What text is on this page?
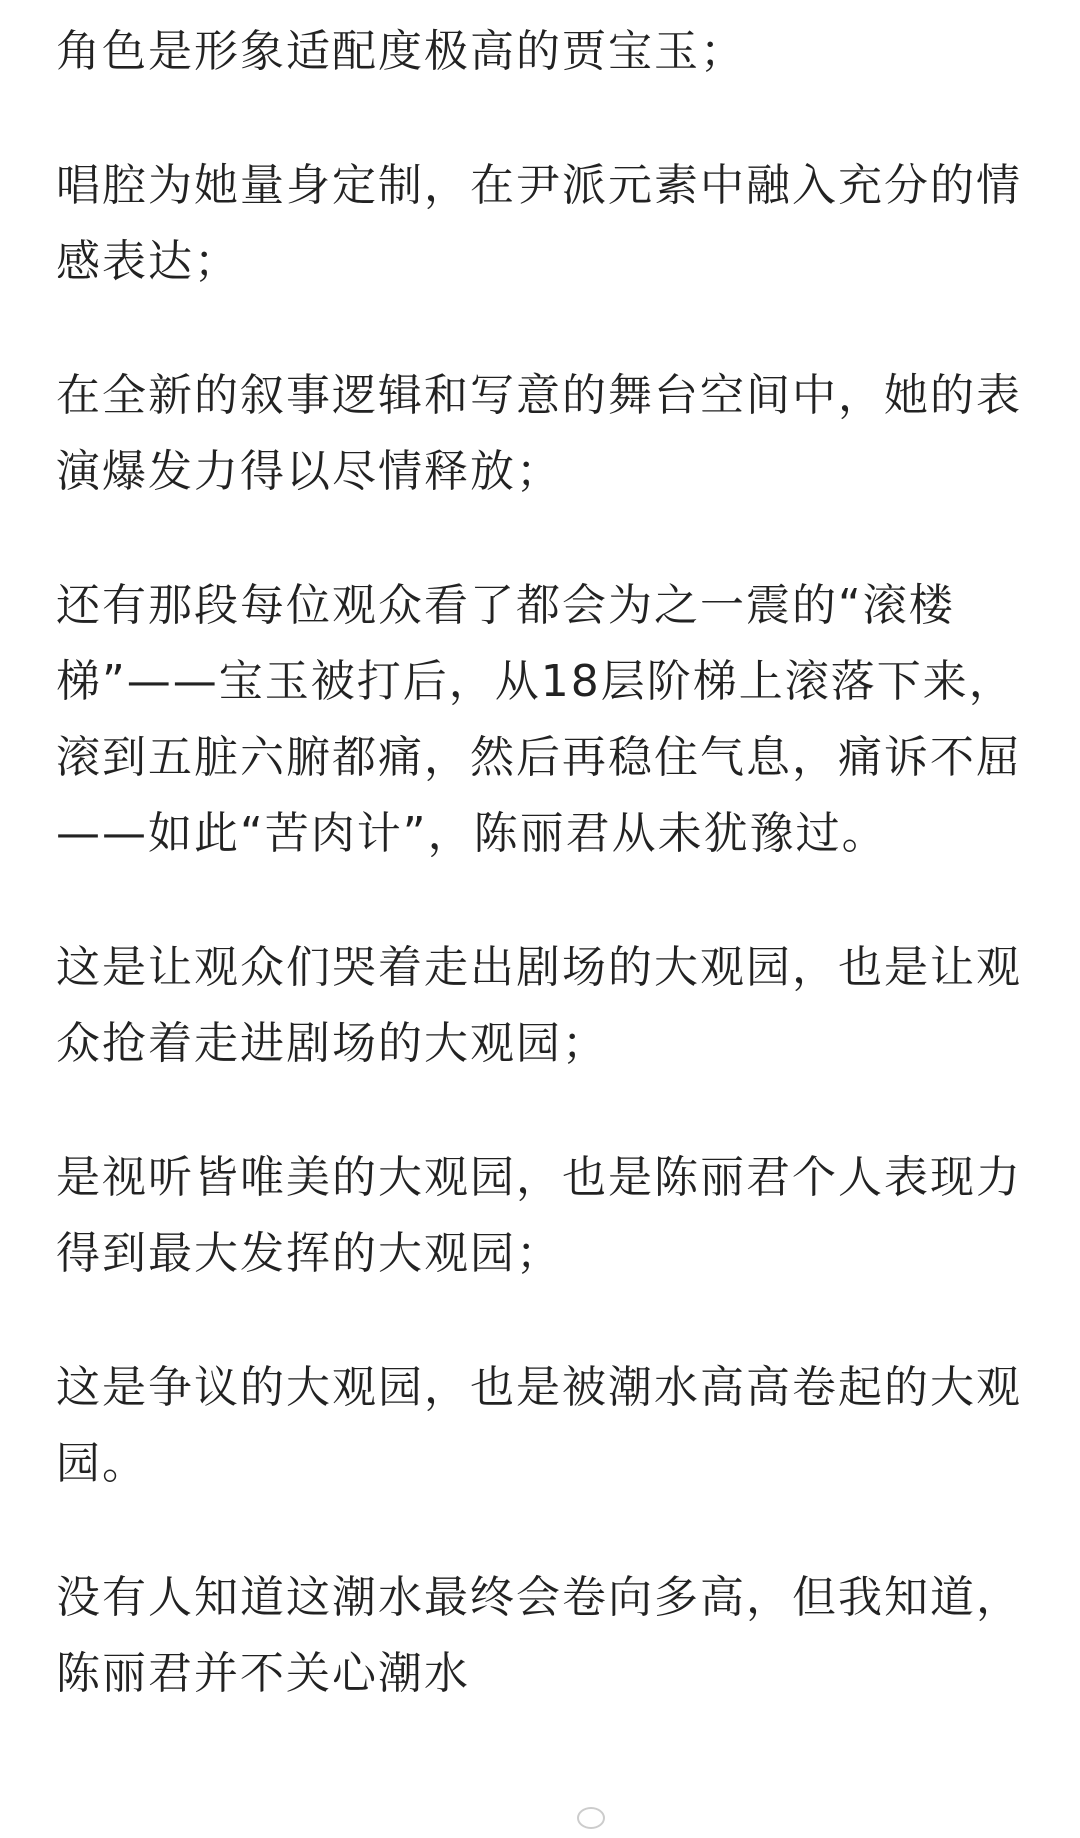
角色是形象适配度极高的贾宝玉；

唱腔为她量身定制，在尹派元素中融入充分的情感表达；

在全新的叙事逻辑和写意的舞台空间中，她的表演爆发力得以尽情释放；

还有那段每位观众看了都会为之一震的“滚楼梯”——宝玉被打后，从18层阶梯上滚落下来，滚到五脏六腑都痛，然后再稳住气息，痛诉不屈——如此“苦肉计”，陈丽君从未犹豫过。

这是让观众们哭着走出剧场的大观园，也是让观众抢着走进剧场的大观园；

是视听皆唯美的大观园，也是陈丽君个人表现力得到最大发挥的大观园；

这是争议的大观园，也是被潮水高高卷起的大观园。

没有人知道这潮水最终会卷向多高，但我知道，陈丽君并不关心潮水
